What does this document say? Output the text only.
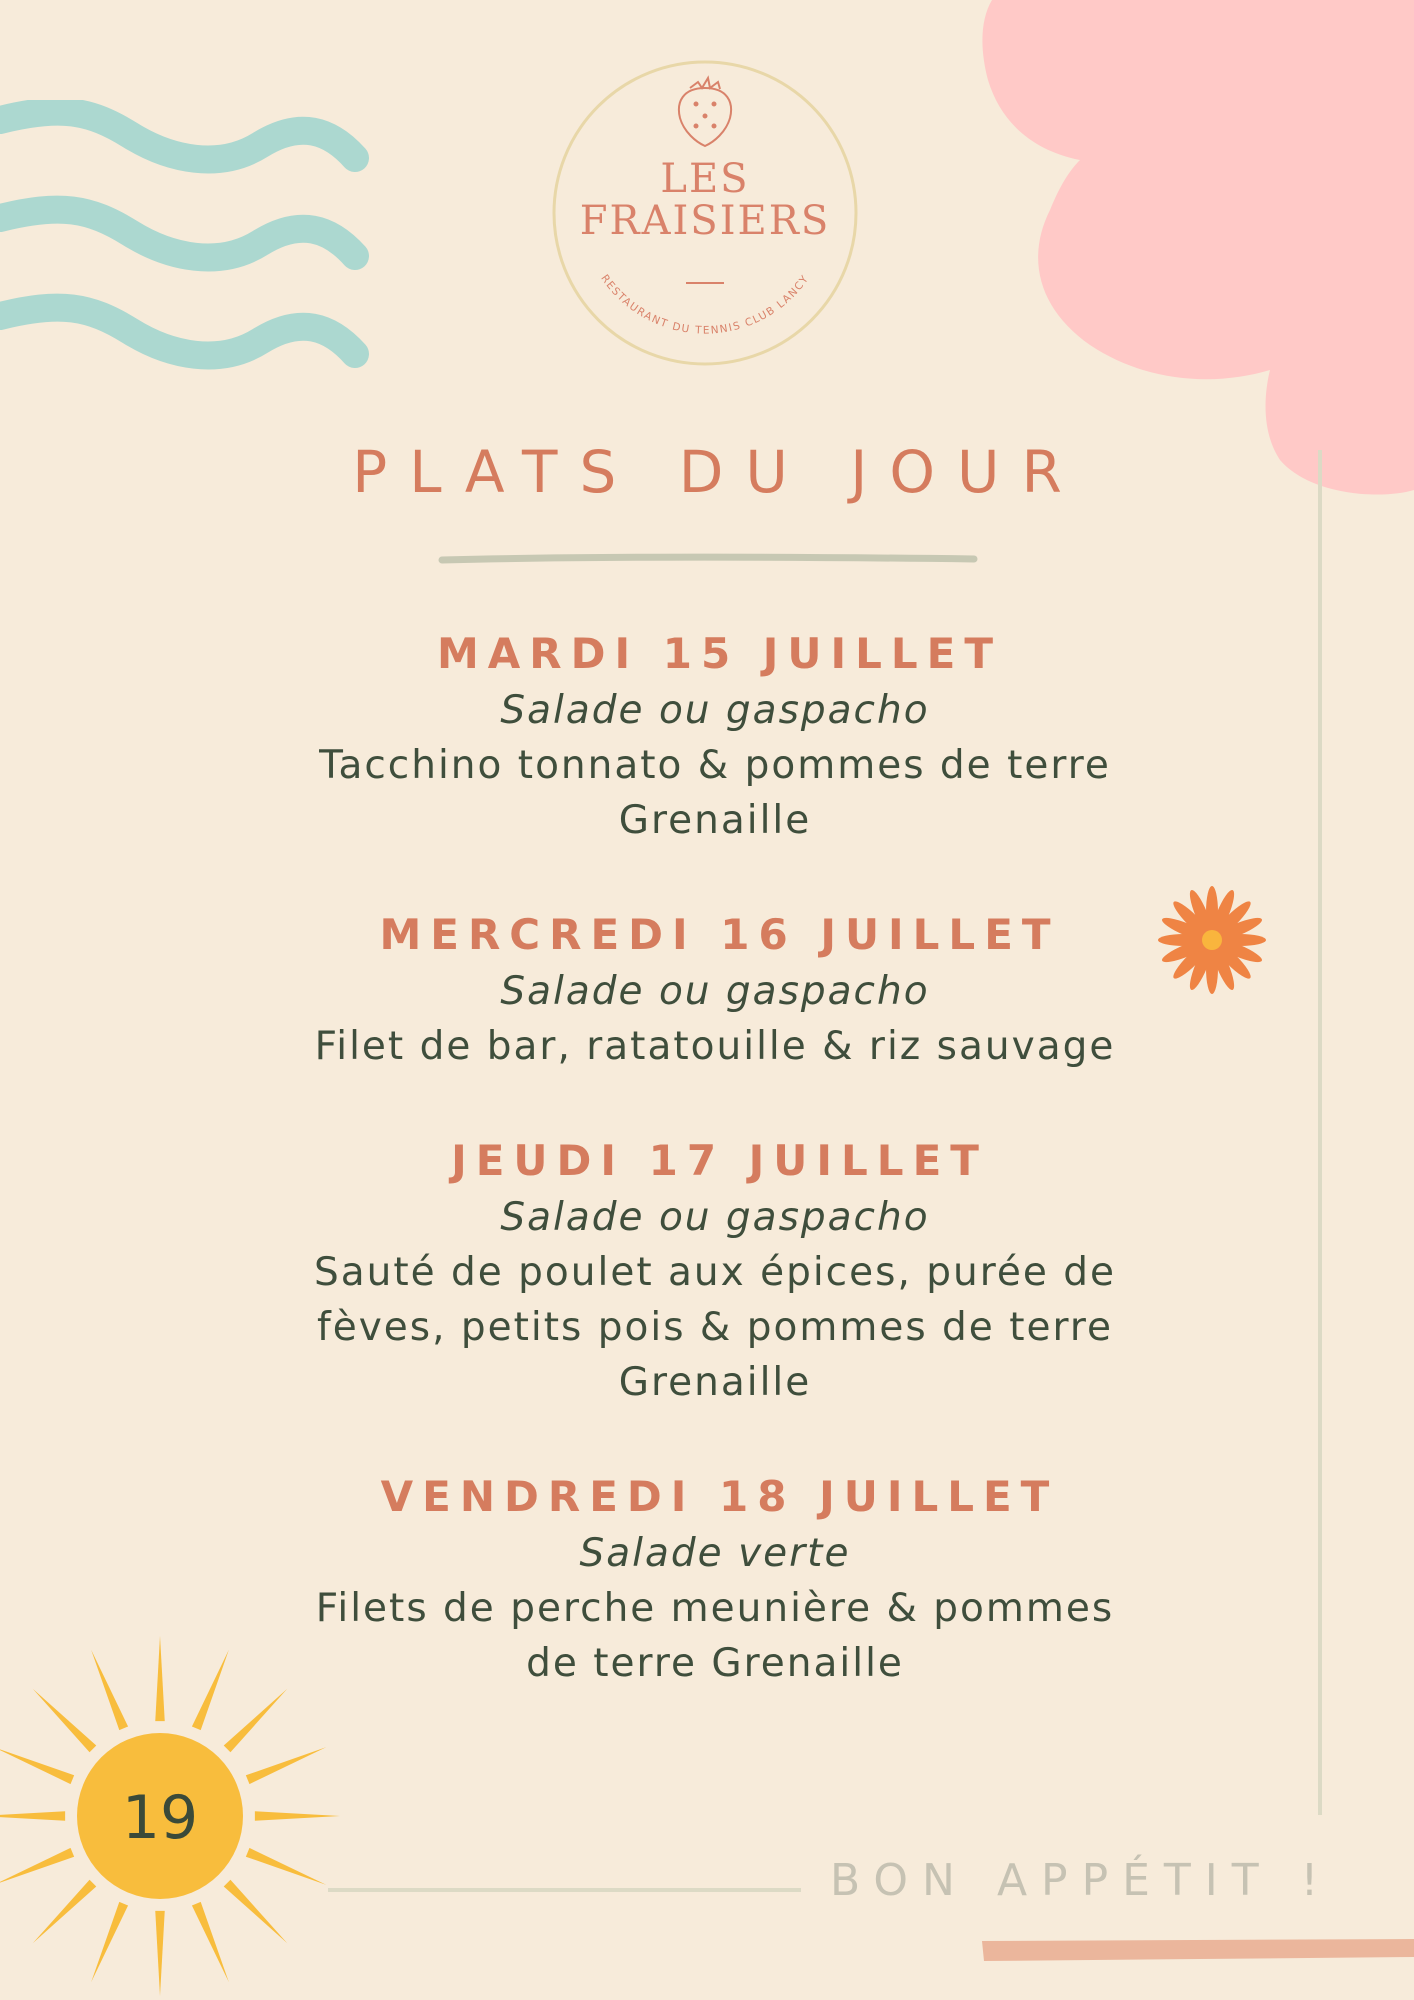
RESTAURANT DU TENNIS CLUB LANCY
LES
FRAISIERS
PLATS DU JOUR
MARDI 15 JUILLET
Salade ou gaspacho
Tacchino tonnato & pommes de terre
Grenaille
MERCREDI 16 JUILLET
Salade ou gaspacho
Filet de bar, ratatouille & riz sauvage
JEUDI 17 JUILLET
Salade ou gaspacho
Sauté de poulet aux épices, purée de
fèves, petits pois & pommes de terre
Grenaille
VENDREDI 18 JUILLET
Salade verte
Filets de perche meunière & pommes
de terre Grenaille
19
BON APPÉTIT !
